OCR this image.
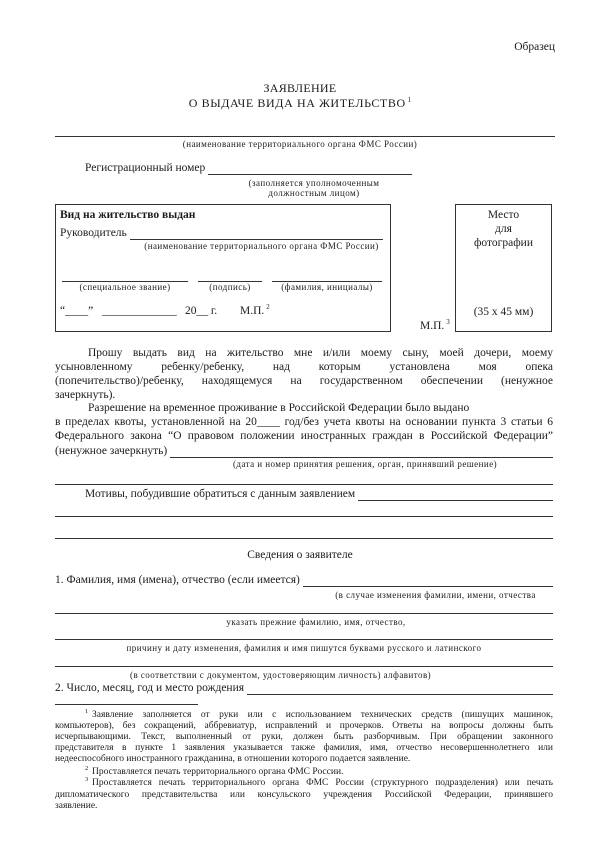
Образец
ЗАЯВЛЕНИЕ
О ВЫДАЧЕ ВИДА НА ЖИТЕЛЬСТВО $^1$
(наименование территориального органа ФМС России)
Регистрационный номер
(заполняется уполномоченным
должностным лицом)
Вид на жительство выдан
Руководитель
(наименование территориального органа ФМС России)
(специальное звание)	(подпись)	(фамилия, инициалы)
“____” _____________ 20__ г. М.П. $^2$
М.П. $^3$
Место
для
фотографии
(35 x 45 мм)
Прошу выдать вид на жительство мне и/или моему сыну, моей дочери, моему
усыновленному ребенку/ребенку, над которым установлена моя опека
(попечительство)/ребенку, находящемуся на государственном обеспечении (ненужное
зачеркнуть).
Разрешение на временное проживание в Российской Федерации было выдано
в пределах квоты, установленной на 20____ год/без учета квоты на основании пункта 3 статьи 6
Федерального закона “О правовом положении иностранных граждан в Российской Федерации”
(ненужное зачеркнуть)
(дата и номер принятия решения, орган, принявший решение)
Мотивы, побудившие обратиться с данным заявлением
Сведения о заявителе
1. Фамилия, имя (имена), отчество (если имеется)
(в случае изменения фамилии, имени, отчества
указать прежние фамилию, имя, отчество,
причину и дату изменения, фамилия и имя пишутся буквами русского и латинского
(в соответствии с документом, удостоверяющим личность) алфавитов)
2. Число, месяц, год и место рождения
1 Заявление заполняется от руки или с использованием технических средств (пишущих машинок,
компьютеров), без сокращений, аббревиатур, исправлений и прочерков. Ответы на вопросы должны быть
исчерпывающими. Текст, выполненный от руки, должен быть разборчивым. При обращении законного
представителя в пункте 1 заявления указывается также фамилия, имя, отчество несовершеннолетнего или
недееспособного иностранного гражданина, в отношении которого подается заявление.
2 Проставляется печать территориального органа ФМС России.
3 Проставляется печать территориального органа ФМС России (структурного подразделения) или печать
дипломатического представительства или консульского учреждения Российской Федерации, принявшего
заявление.
